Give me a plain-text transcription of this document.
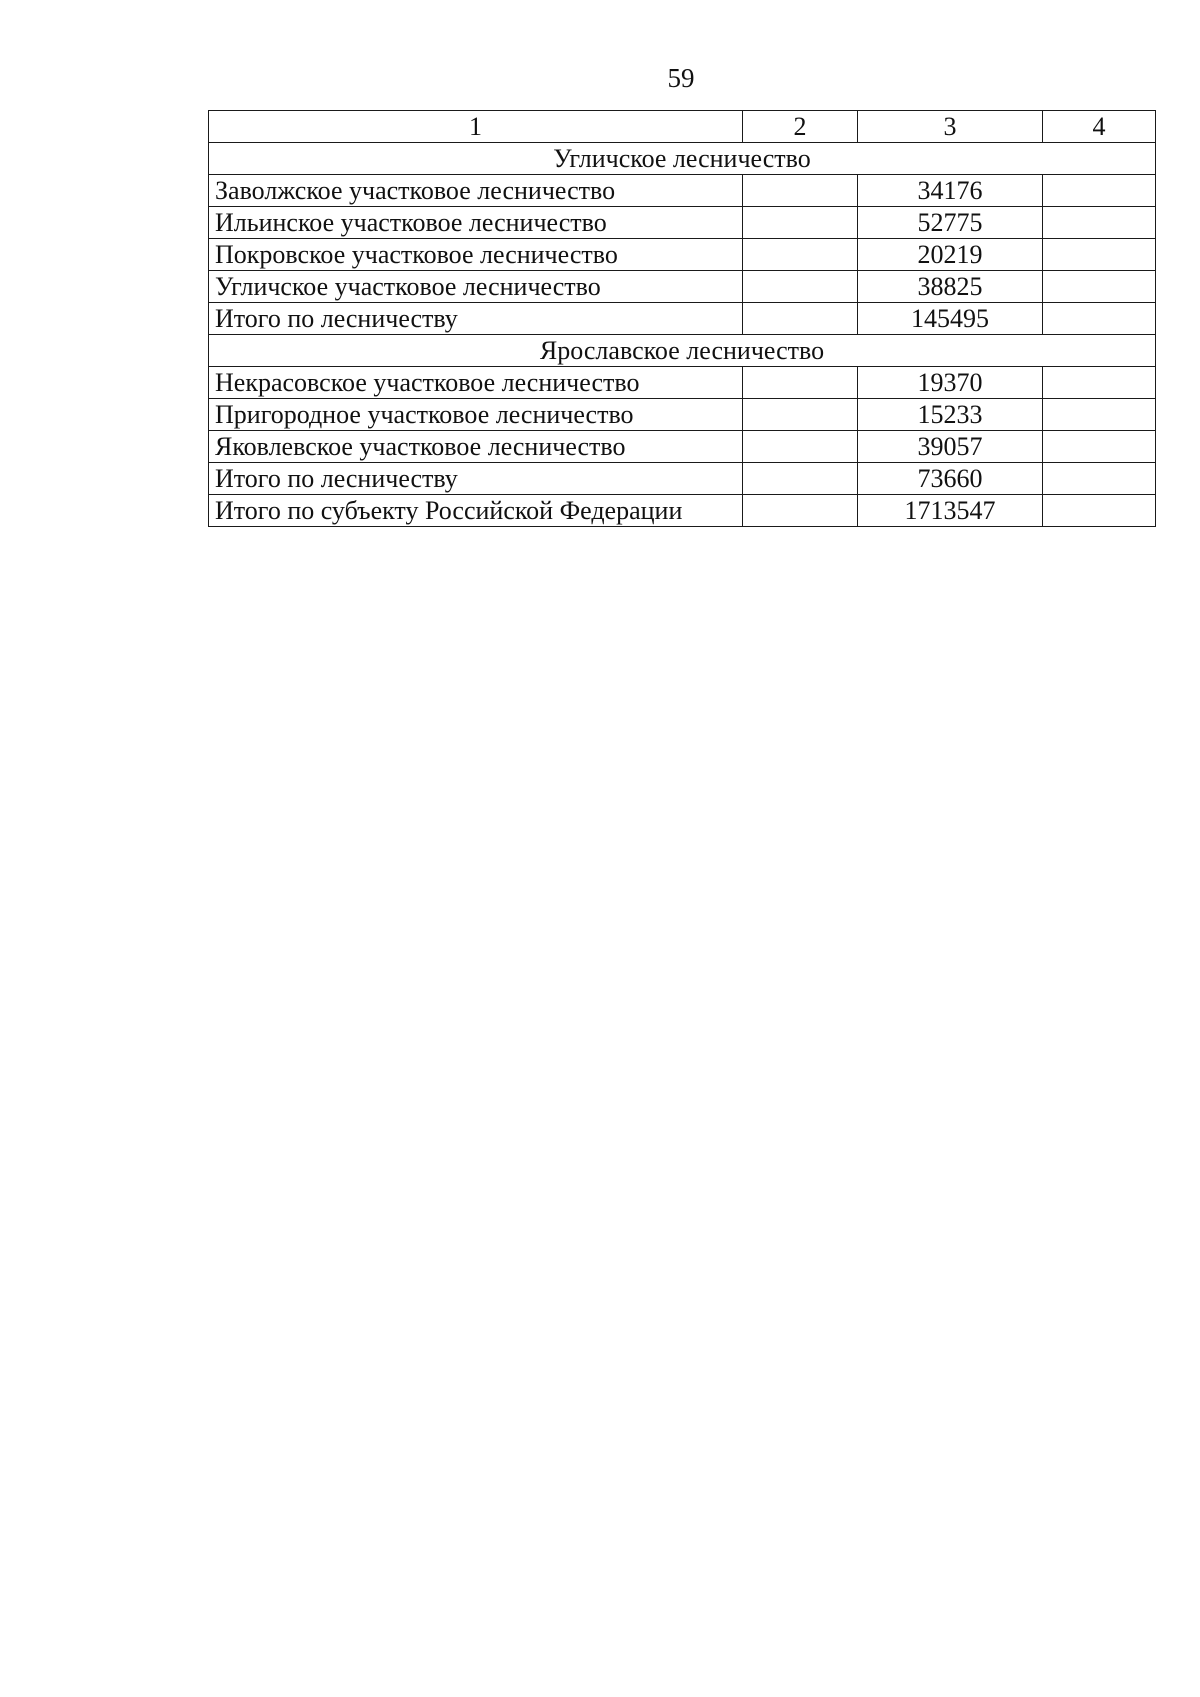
59
1	2	3	4
Угличское лесничество			
Заволжское участковое лесничество		34176	
Ильинское участковое лесничество		52775	
Покровское участковое лесничество		20219	
Угличское участковое лесничество		38825	
Итого по лесничеству		145495	
Ярославское лесничество			
Некрасовское участковое лесничество		19370	
Пригородное участковое лесничество		15233	
Яковлевское участковое лесничество		39057	
Итого по лесничеству		73660	
Итого по субъекту Российской Федерации		1713547	
